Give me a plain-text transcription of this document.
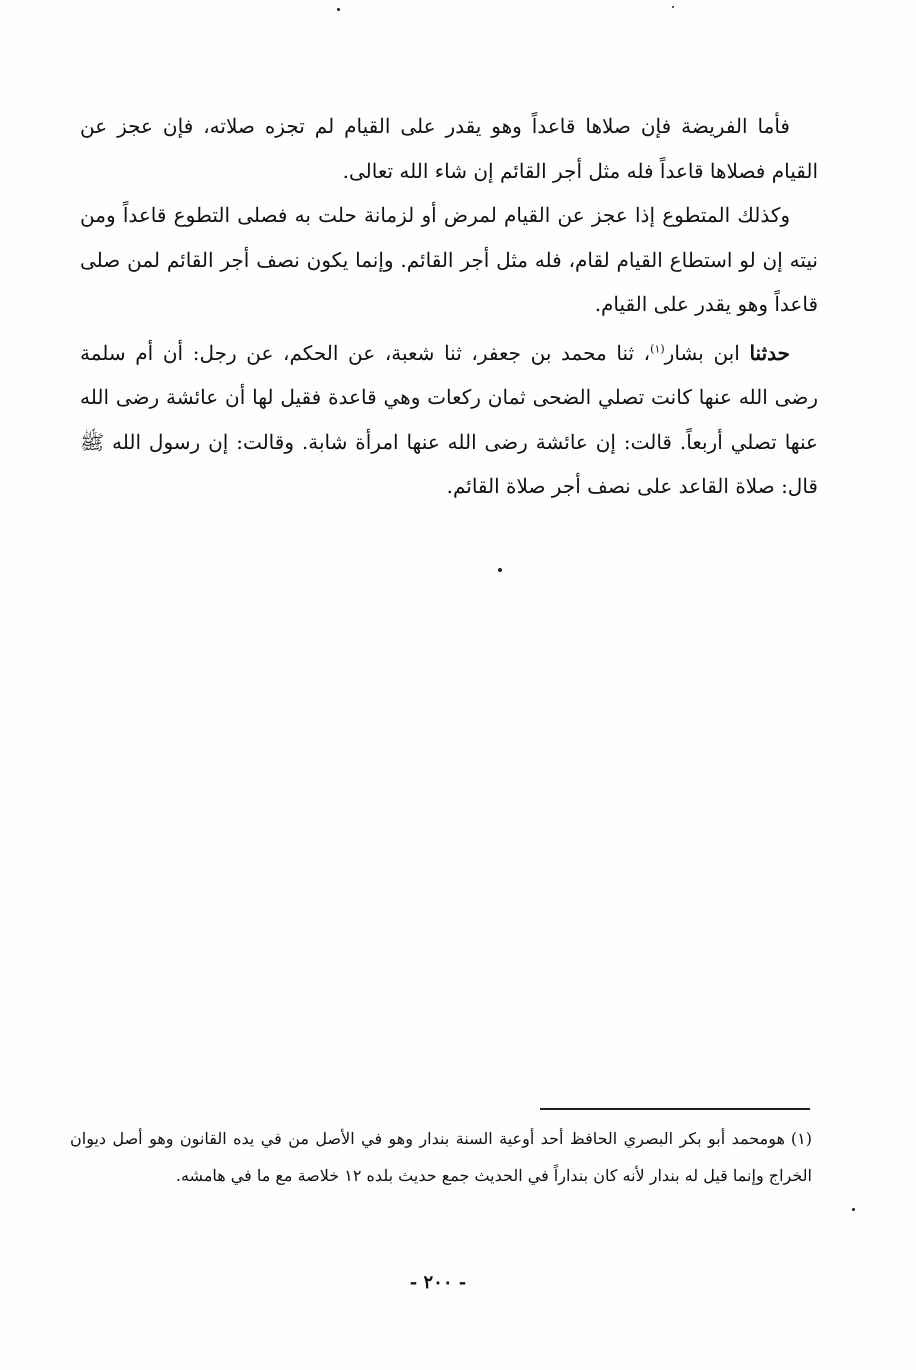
فأما الفريضة فإن صلاها قاعداً وهو يقدر على القيام لم تجزه صلاته، فإن عجز عن القيام فصلاها قاعداً فله مثل أجر القائم إن شاء الله تعالى.

وكذلك المتطوع إذا عجز عن القيام لمرض أو لزمانة حلت به فصلى التطوع قاعداً ومن نيته إن لو استطاع القيام لقام، فله مثل أجر القائم. وإنما يكون نصف أجر القائم لمن صلى قاعداً وهو يقدر على القيام.

حدثنا ابن بشار$^{(١)}$، ثنا محمد بن جعفر، ثنا شعبة، عن الحكم، عن رجل: أن أم سلمة رضى الله عنها كانت تصلي الضحى ثمان ركعات وهي قاعدة فقيل لها أن عائشة رضى الله عنها تصلي أربعاً. قالت: إن عائشة رضى الله عنها امرأة شابة. وقالت: إن رسول الله ﷺ قال: صلاة القاعد على نصف أجر صلاة القائم.

(١)هومحمد أبو بكر البصري الحافظ أحد أوعية السنة بندار وهو في الأصل من في يده القانون وهو أصل ديوان الخراج وإنما قيل له بندار لأنه كان بنداراً في الحديث جمع حديث بلده ١٢ خلاصة مع ما في هامشه.
- ٢٠٠ -
